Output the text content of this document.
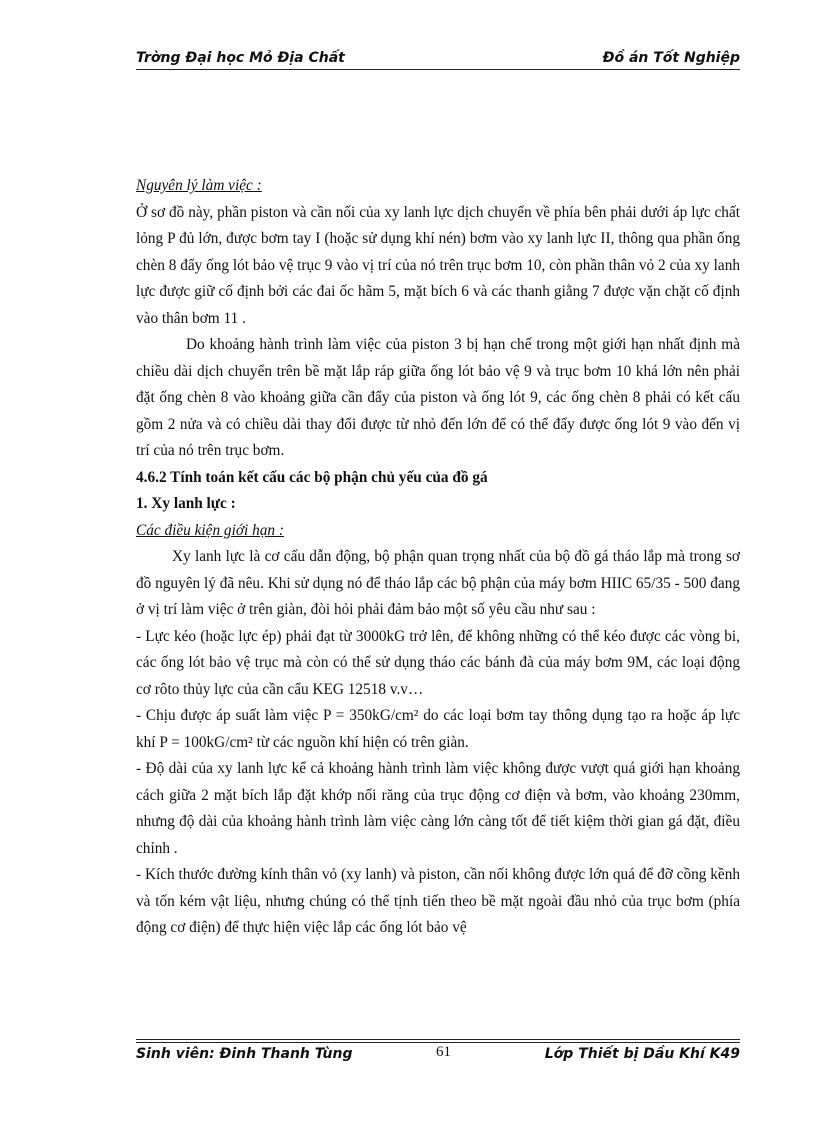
Trờng Đại học Mỏ Địa Chất	Đồ án Tốt Nghiệp

Nguyên lý làm việc :

Ở sơ đồ này, phần piston và cần nối của xy lanh lực dịch chuyển về phía bên phải dưới áp lực chất lỏng P đủ lớn, được bơm tay I (hoặc sử dụng khí nén) bơm vào xy lanh lực II, thông qua phần ống chèn 8 đẩy ống lót bảo vệ trục 9 vào vị trí của nó trên trục bơm 10, còn phần thân vỏ 2 của xy lanh lực được giữ cố định bởi các đai ốc hãm 5, mặt bích 6 và các thanh giằng 7 được vặn chặt cố định vào thân bơm 11 .

Do khoảng hành trình làm việc của piston 3 bị hạn chế trong một giới hạn nhất định mà chiều dài dịch chuyển trên bề mặt lắp ráp giữa ống lót bảo vệ 9 và trục bơm 10 khá lớn nên phải đặt ống chèn 8 vào khoảng giữa cần đẩy của piston và ống lót 9, các ống chèn 8 phải có kết cấu gồm 2 nửa và có chiều dài thay đổi được từ nhỏ đến lớn để có thể đẩy được ống lót 9 vào đến vị trí của nó trên trục bơm.

4.6.2 Tính toán kết cấu các bộ phận chủ yếu của đồ gá

1. Xy lanh lực :

Các điều kiện giới hạn :

Xy lanh lực là cơ cấu dẫn động, bộ phận quan trọng nhất của bộ đồ gá tháo lắp mà trong sơ đồ nguyên lý đã nêu. Khi sử dụng nó để tháo lắp các bộ phận của máy bơm HIIC 65/35 - 500 đang ở vị trí làm việc ở trên giàn, đòi hỏi phải đảm bảo một số yêu cầu như sau :

- Lực kéo (hoặc lực ép) phải đạt từ 3000kG trở lên, để không những có thể kéo được các vòng bi, các ống lót bảo vệ trục mà còn có thể sử dụng tháo các bánh đà của máy bơm 9M, các loại động cơ rôto thủy lực của cần cẩu KEG 12518 v.v…

- Chịu được áp suất làm việc P = 350kG/cm² do các loại bơm tay thông dụng tạo ra hoặc áp lực khí P = 100kG/cm² từ các nguồn khí hiện có trên giàn.

- Độ dài của xy lanh lực kể cả khoảng hành trình làm việc không được vượt quá giới hạn khoảng cách giữa 2 mặt bích lắp đặt khớp nối răng của trục động cơ điện và bơm, vào khoảng 230mm, nhưng độ dài của khoảng hành trình làm việc càng lớn càng tốt để tiết kiệm thời gian gá đặt, điều chỉnh .

- Kích thước đường kính thân vỏ (xy lanh) và piston, cần nối không được lớn quá để đỡ cồng kềnh và tốn kém vật liệu, nhưng chúng có thể tịnh tiến theo bề mặt ngoài đầu nhỏ của trục bơm (phía động cơ điện) để thực hiện việc lắp các ống lót bảo vệ

Sinh viên: Đinh Thanh Tùng	61	Lớp Thiết bị Dầu Khí K49
